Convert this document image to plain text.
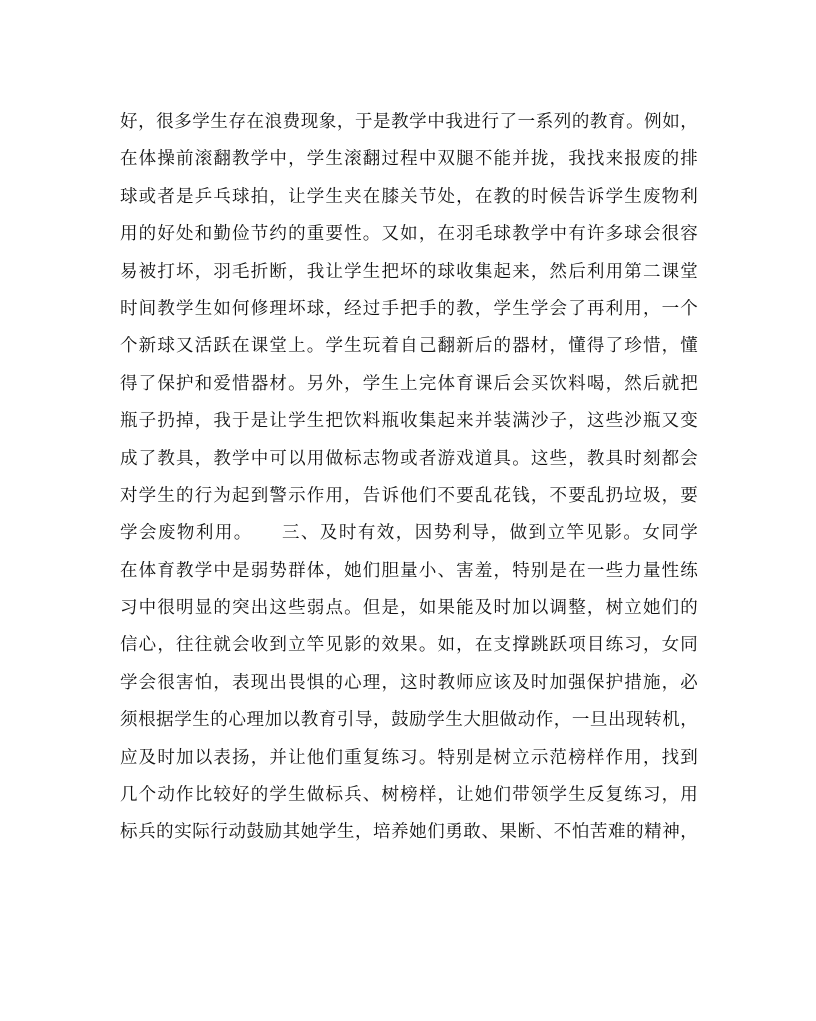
好，很多学生存在浪费现象，于是教学中我进行了一系列的教育。例如，
在体操前滚翻教学中，学生滚翻过程中双腿不能并拢，我找来报废的排
球或者是乒乓球拍，让学生夹在膝关节处，在教的时候告诉学生废物利
用的好处和勤俭节约的重要性。又如，在羽毛球教学中有许多球会很容
易被打坏，羽毛折断，我让学生把坏的球收集起来，然后利用第二课堂
时间教学生如何修理坏球，经过手把手的教，学生学会了再利用，一个
个新球又活跃在课堂上。学生玩着自己翻新后的器材，懂得了珍惜，懂
得了保护和爱惜器材。另外，学生上完体育课后会买饮料喝，然后就把
瓶子扔掉，我于是让学生把饮料瓶收集起来并装满沙子，这些沙瓶又变
成了教具，教学中可以用做标志物或者游戏道具。这些，教具时刻都会
对学生的行为起到警示作用，告诉他们不要乱花钱，不要乱扔垃圾，要
学会废物利用。　　三、及时有效，因势利导，做到立竿见影。女同学
在体育教学中是弱势群体，她们胆量小、害羞，特别是在一些力量性练
习中很明显的突出这些弱点。但是，如果能及时加以调整，树立她们的
信心，往往就会收到立竿见影的效果。如，在支撑跳跃项目练习，女同
学会很害怕，表现出畏惧的心理，这时教师应该及时加强保护措施，必
须根据学生的心理加以教育引导，鼓励学生大胆做动作，一旦出现转机，
应及时加以表扬，并让他们重复练习。特别是树立示范榜样作用，找到
几个动作比较好的学生做标兵、树榜样，让她们带领学生反复练习，用
标兵的实际行动鼓励其她学生，培养她们勇敢、果断、不怕苦难的精神，
